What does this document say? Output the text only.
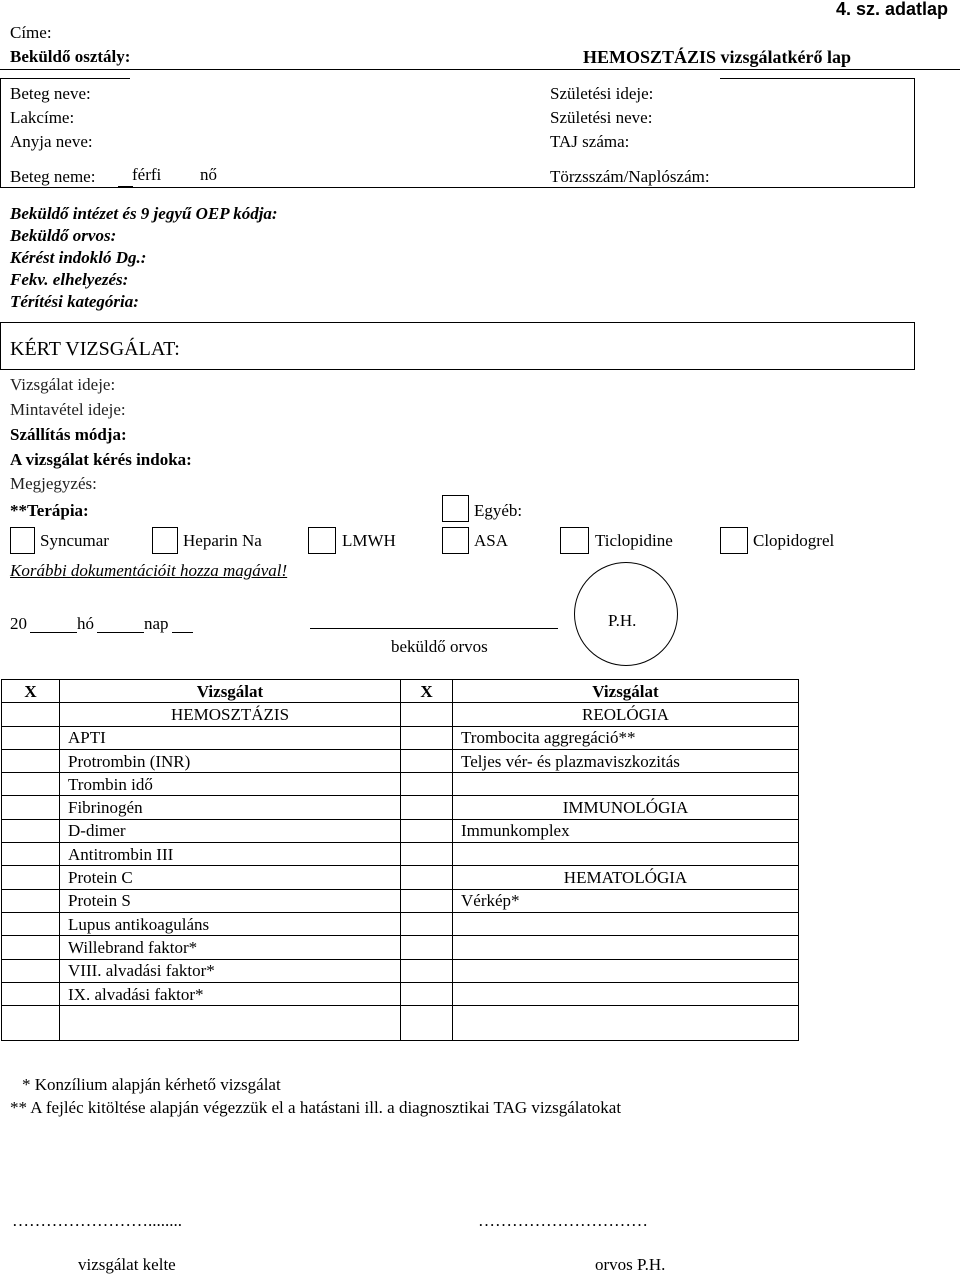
4. sz. adatlap
Címe:
Beküldő osztály:	HEMOSZTÁZIS vizsgálatkérő lap
Beteg neve:
Lakcíme:
Anyja neve:
Beteg neme: férfi nő
Születési ideje:
Születési neve:
TAJ száma:
Törzsszám/Naplószám:
Beküldő intézet és 9 jegyű OEP kódja:
Beküldő orvos:
Kérést indokló Dg.:
Fekv. elhelyezés:
Térítési kategória:
KÉRT VIZSGÁLAT:
Vizsgálat ideje:
Mintavétel ideje:
Szállítás módja:
A vizsgálat kérés indoka:
Megjegyzés:
**Terápia:	Egyéb:
Syncumar	Heparin Na	LMWH	ASA	Ticlopidine	Clopidogrel
Korábbi dokumentációit hozza magával!
20	hó	nap
beküldő orvos
P.H.
X	Vizsgálat	X	Vizsgálat
	HEMOSZTÁZIS		REOLÓGIA
	APTI		Trombocita aggregáció**
	Protrombin (INR)		Teljes vér- és plazmaviszkozitás
	Trombin idő		
	Fibrinogén		IMMUNOLÓGIA
	D-dimer		Immunkomplex
	Antitrombin III		
	Protein C		HEMATOLÓGIA
	Protein S		Vérkép*
	Lupus antikoaguláns		
	Willebrand faktor*		
	VIII. alvadási faktor*		
	IX. alvadási faktor*		

* Konzílium alapján kérhető vizsgálat
** A fejléc kitöltése alapján végezzük el a hatástani ill. a diagnosztikai TAG vizsgálatokat
……………………........	…………………………
vizsgálat kelte	orvos P.H.
